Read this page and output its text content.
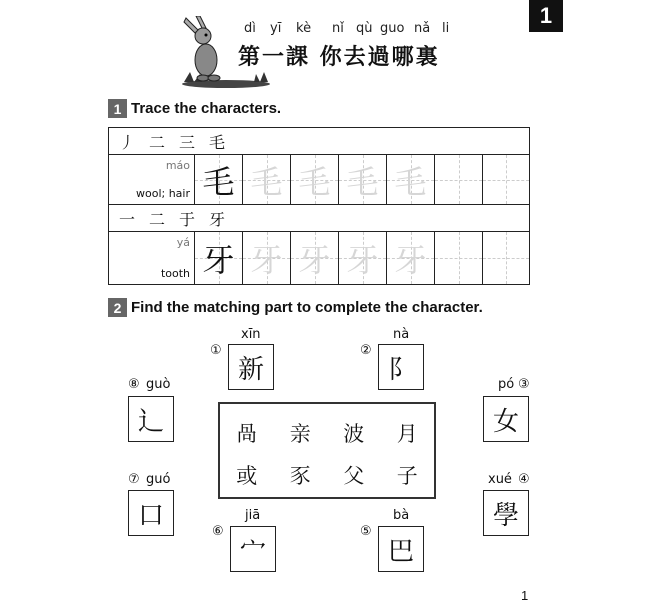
1
dì yī kè nǐ qù guo nǎ li
第一課 你去過哪裏
1 Trace the characters.
丿 二 三 毛
máo
wool; hair 毛 毛 毛 毛 毛
一 二 于 牙
yá
tooth 牙 牙 牙 牙 牙
2 Find the matching part to complete the character.
xīn
①
新
nà
②
阝	pó ③
女
xué ④
學
bà
⑤
巴
jiā
⑥
宀
⑦ guó
口
⑧ guò
辶	咼 亲 波 月
或 豕 父 子
1
